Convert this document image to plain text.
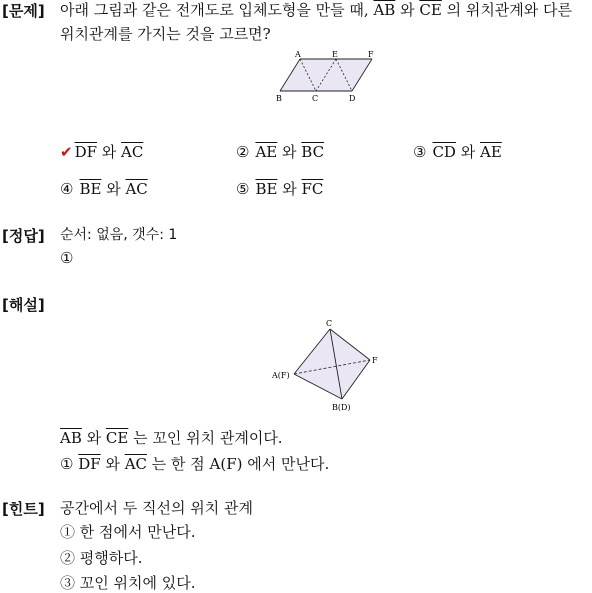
[문제] 아래 그림과 같은 전개도로 입체도형을 만들 때, $\overline{AB}$ 와 $\overline{CE}$ 의 위치관계와 다른
위치관계를 가지는 것을 고르면?
A	E	F
B	C	D
✔ $\overline{DF}$ 와 $\overline{AC}$	② $\overline{AE}$ 와 $\overline{BC}$	③ $\overline{CD}$ 와 $\overline{AE}$
④ $\overline{BE}$ 와 $\overline{AC}$	⑤ $\overline{BE}$ 와 $\overline{FC}$
[정답] 순서: 없음, 갯수: 1
①
[해설]
C
F
A(F)
B(D)
$\overline{AB}$ 와 $\overline{CE}$ 는 꼬인 위치 관계이다.
① $\overline{DF}$ 와 $\overline{AC}$ 는 한 점 A(F) 에서 만난다.
[힌트] 공간에서 두 직선의 위치 관계
① 한 점에서 만난다.
② 평행하다.
③ 꼬인 위치에 있다.
